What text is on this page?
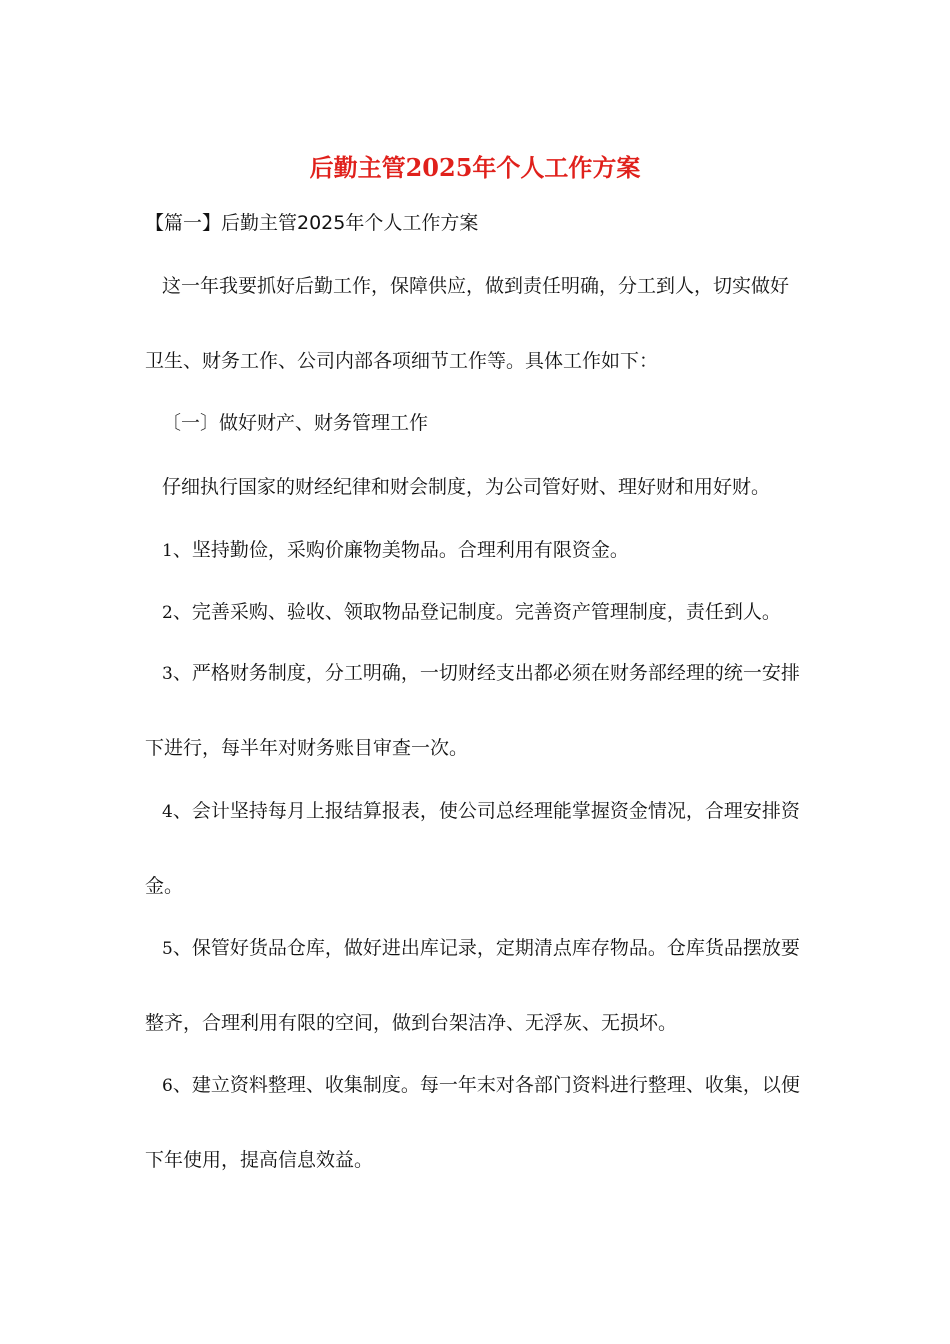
后勤主管2025年个人工作方案

【篇一】后勤主管2025年个人工作方案

这一年我要抓好后勤工作，保障供应，做到责任明确，分工到人，切实做好

卫生、财务工作、公司内部各项细节工作等。具体工作如下：

〔一〕做好财产、财务管理工作

仔细执行国家的财经纪律和财会制度，为公司管好财、理好财和用好财。

1、坚持勤俭，采购价廉物美物品。合理利用有限资金。

2、完善采购、验收、领取物品登记制度。完善资产管理制度，责任到人。

3、严格财务制度，分工明确，一切财经支出都必须在财务部经理的统一安排

下进行，每半年对财务账目审查一次。

4、会计坚持每月上报结算报表，使公司总经理能掌握资金情况，合理安排资

金。

5、保管好货品仓库，做好进出库记录，定期清点库存物品。仓库货品摆放要

整齐，合理利用有限的空间，做到台架洁净、无浮灰、无损坏。

6、建立资料整理、收集制度。每一年末对各部门资料进行整理、收集，以便

下年使用，提高信息效益。
